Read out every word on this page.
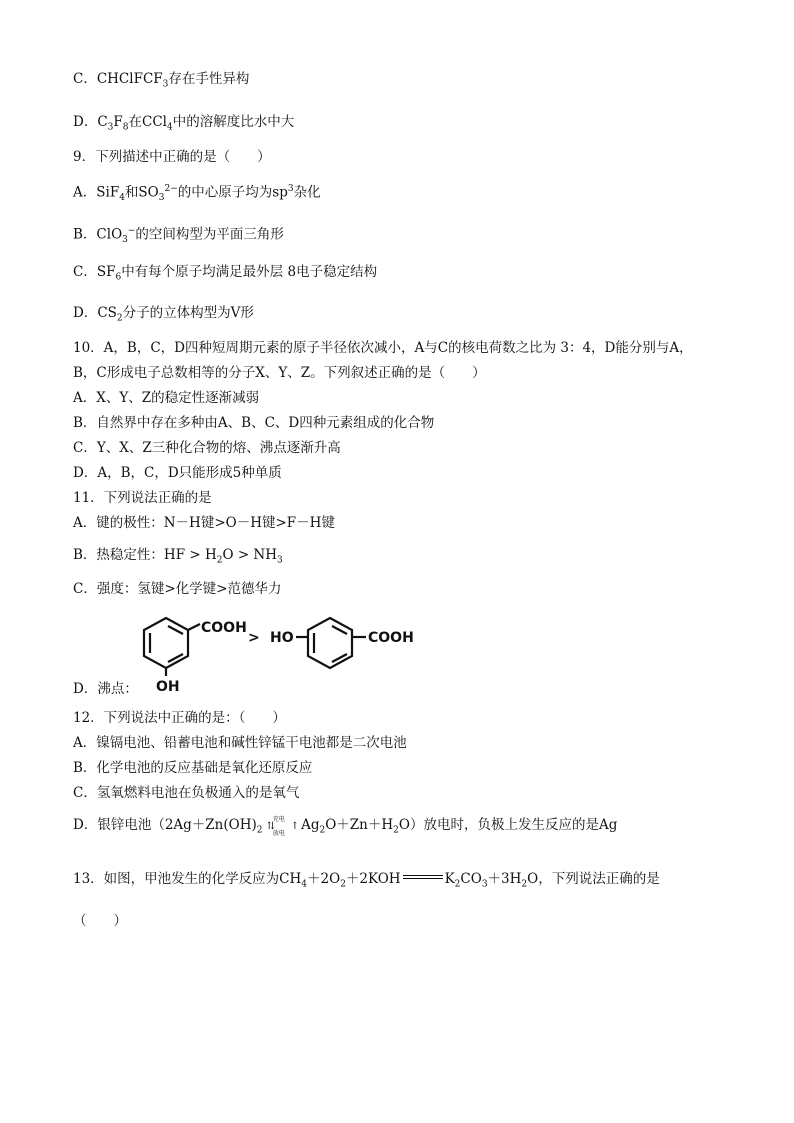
C．CHClFCF$_3$存在手性异构
D．$C_3F_8$在CCl$_4$中的溶解度比水中大
9．下列描述中正确的是（　　）
A．SiF$_4$和$SO_3^{2-}$的中心原子均为$sp^3$杂化
B．ClO$_3$−的空间构型为平面三角形
C．$SF_6$中有每个原子均满足最外层 8电子稳定结构
D．$CS_2$分子的立体构型为V形
10．A，B，C，D四种短周期元素的原子半径依次减小，A与C的核电荷数之比为 3：4，D能分别与A，
B，C形成电子总数相等的分子X、Y、Z。下列叙述正确的是（　　）
A．X、Y、Z的稳定性逐渐减弱
B．自然界中存在多种由A、B、C、D四种元素组成的化合物
C．Y、X、Z三种化合物的熔、沸点逐渐升高
D．A，B，C，D只能形成5种单质
11．下列说法正确的是
A．键的极性：N－H键>O－H键>F－H键
B．热稳定性：HF > $H_2O > NH_3$
C．强度：氢键>化学键>范德华力
COOH
OH
> HO	COOH
D．沸点：
12．下列说法中正确的是：（　　）
A．镍镉电池、铅蓄电池和碱性锌锰干电池都是二次电池
B．化学电池的反应基础是氧化还原反应
C．氢氧燃料电池在负极通入的是氧气
D．银锌电池（$2Ag+Zn(OH)_2$ ⇅
充电
放电
↑ $Ag_2O+Zn+H_2O$）放电时，负极上发生反应的是Ag
13．如图，甲池发生的化学反应为$CH_4+2O_2+2KOH$	$K_2CO_3+3H_2O$，下列说法正确的是
（　　）
